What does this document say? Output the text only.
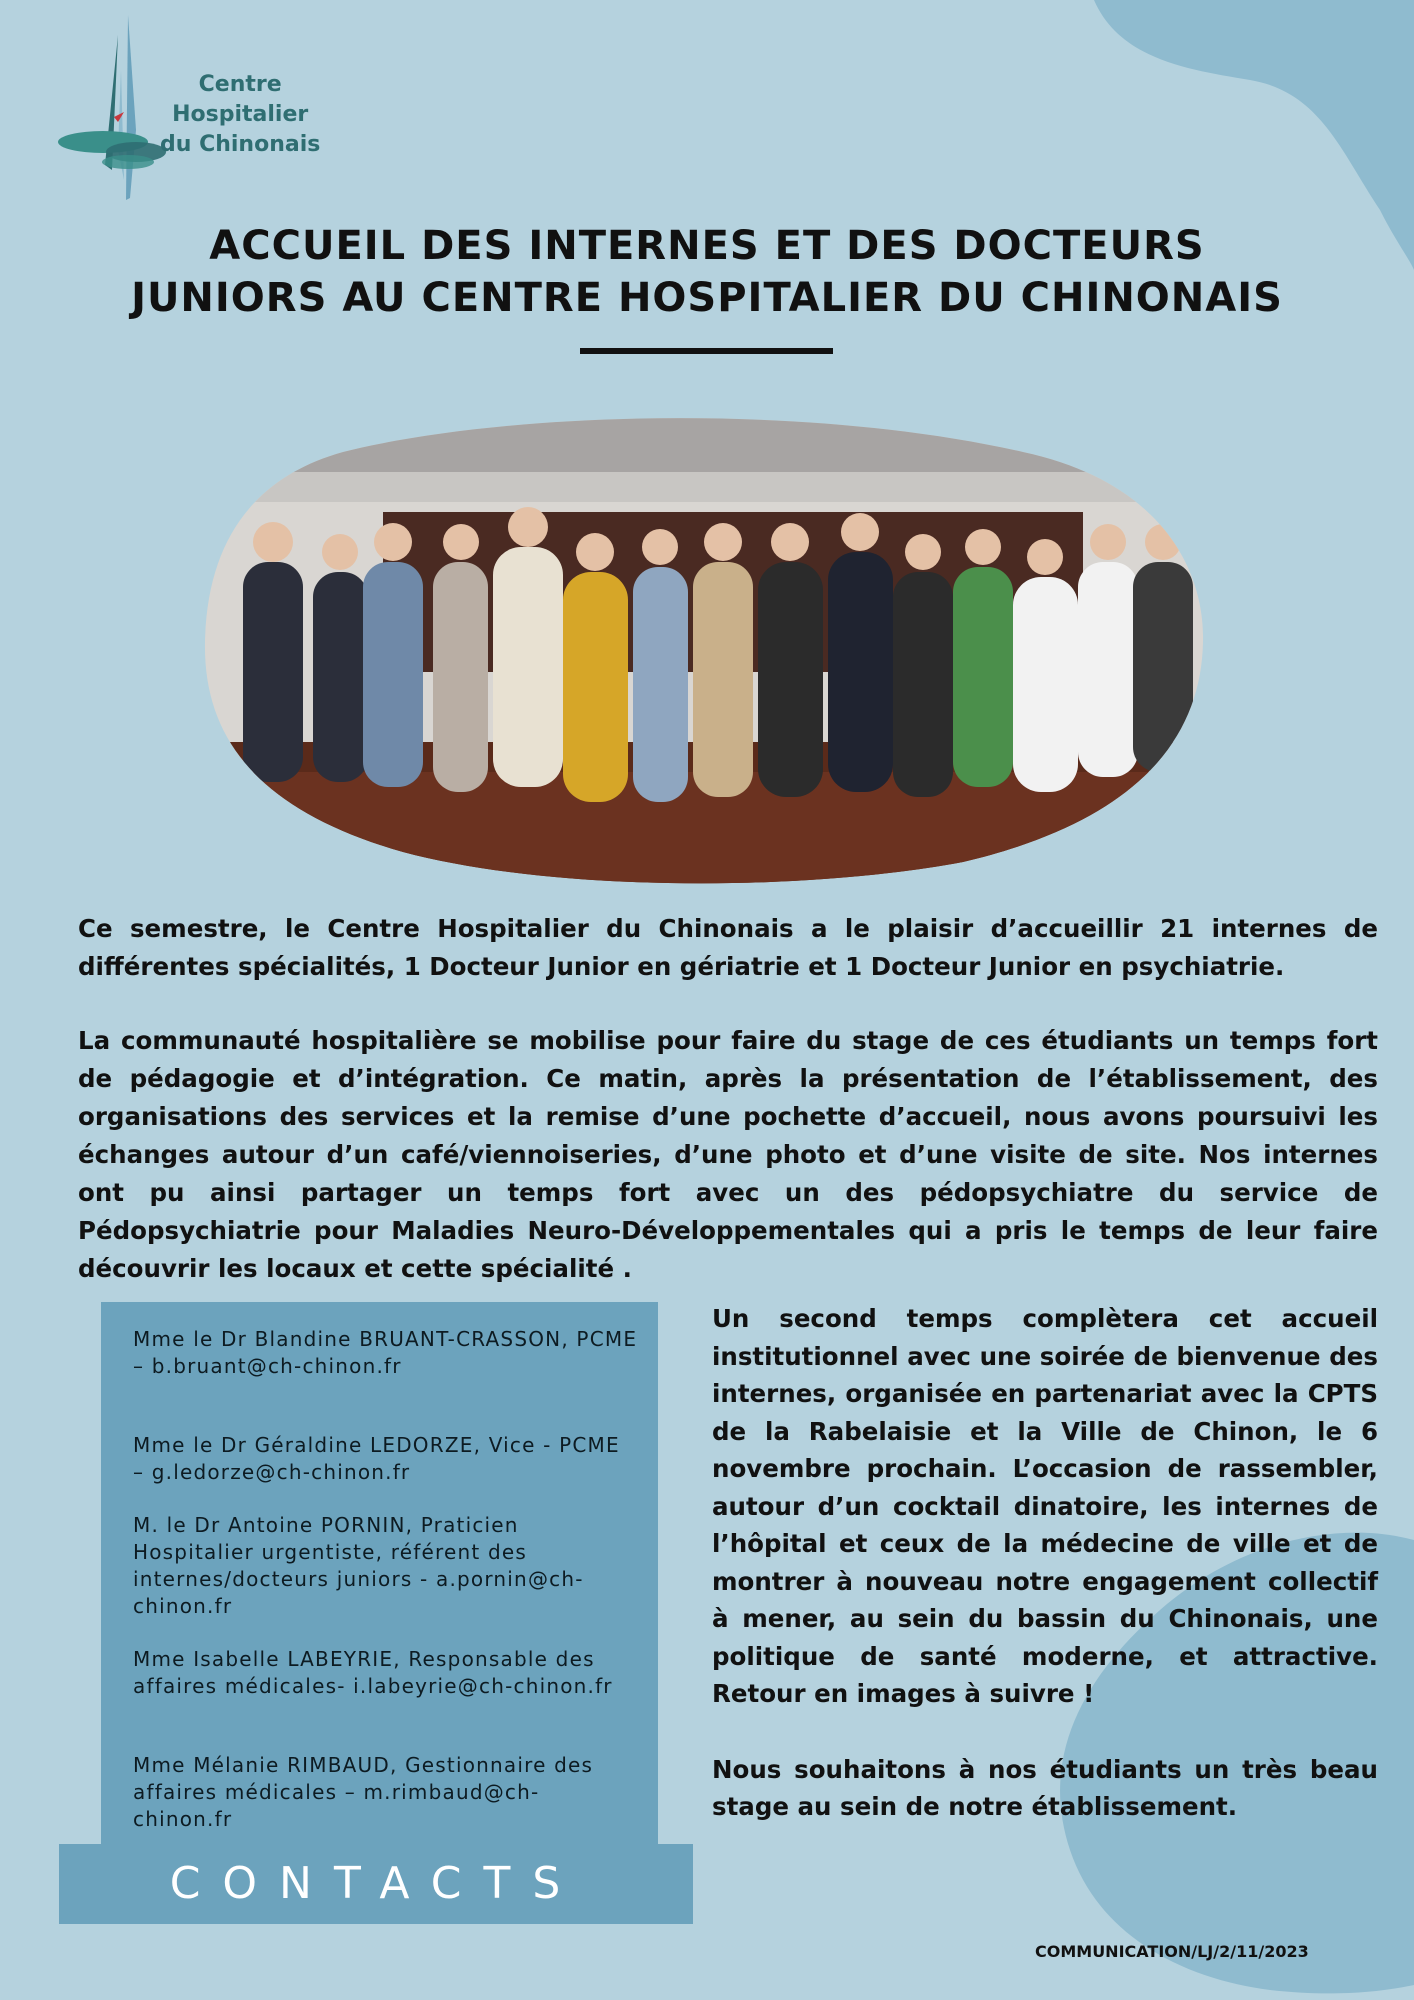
Centre
Hospitalier
du Chinonais
ACCUEIL DES INTERNES ET DES DOCTEURS
JUNIORS AU CENTRE HOSPITALIER DU CHINONAIS
Ce semestre, le Centre Hospitalier du Chinonais a le plaisir d’accueillir 21 internes de différentes spécialités, 1 Docteur Junior en gériatrie et 1 Docteur Junior en psychiatrie.
La communauté hospitalière se mobilise pour faire du stage de ces étudiants un temps fort de pédagogie et d’intégration. Ce matin, après la présentation de l’établissement, des organisations des services et la remise d’une pochette d’accueil, nous avons poursuivi les échanges autour d’un café/viennoiseries, d’une photo et d’une visite de site. Nos internes ont pu ainsi partager un temps fort avec un des pédopsychiatre du service de Pédopsychiatrie pour Maladies Neuro-Développementales qui a pris le temps de leur faire découvrir les locaux et cette spécialité .
Mme le Dr Blandine BRUANT-CRASSON, PCME – b.bruant@ch-chinon.fr
Mme le Dr Géraldine LEDORZE, Vice - PCME – g.ledorze@ch-chinon.fr
M. le Dr Antoine PORNIN, Praticien Hospitalier urgentiste, référent des internes/docteurs juniors - a.pornin@ch-chinon.fr
Mme Isabelle LABEYRIE, Responsable des affaires médicales- i.labeyrie@ch-chinon.fr
Mme Mélanie RIMBAUD, Gestionnaire des affaires médicales – m.rimbaud@ch-chinon.fr
CONTACTS

Un second temps complètera cet accueil institutionnel avec une soirée de bienvenue des internes, organisée en partenariat avec la CPTS de la Rabelaisie et la Ville de Chinon, le 6 novembre prochain. L’occasion de rassembler, autour d’un cocktail dinatoire, les internes de l’hôpital et ceux de la médecine de ville et de montrer à nouveau notre engagement collectif à mener, au sein du bassin du Chinonais, une politique de santé moderne, et attractive. Retour en images à suivre !

Nous souhaitons à nos étudiants un très beau stage au sein de notre établissement.

COMMUNICATION/LJ/2/11/2023
